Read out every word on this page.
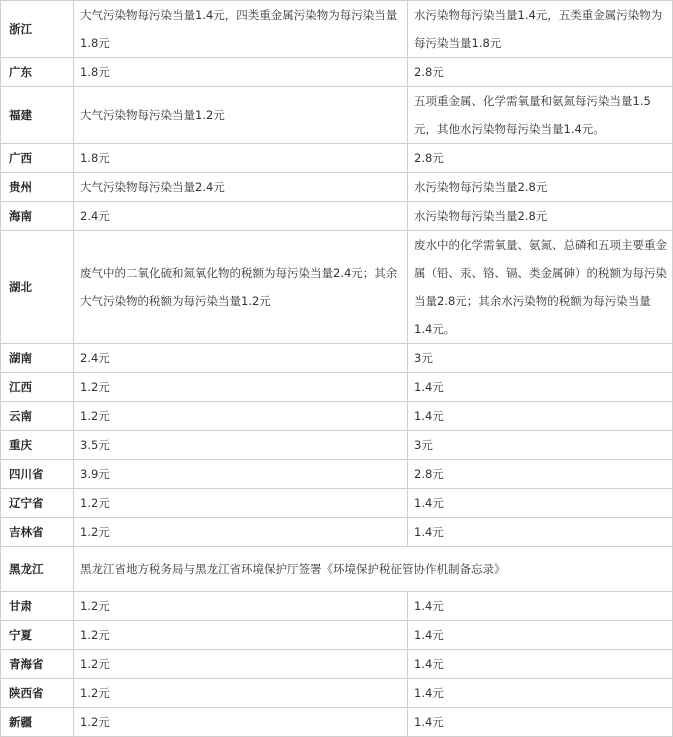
浙江	大气污染物每污染当量1.4元，四类重金属污染物为每污染当量1.8元	水污染物每污染当量1.4元，五类重金属污染物为每污染当量1.8元
广东	1.8元	2.8元
福建	大气污染物每污染当量1.2元	五项重金属、化学需氧量和氨氮每污染当量1.5元，其他水污染物每污染当量1.4元。
广西	1.8元	2.8元
贵州	大气污染物每污染当量2.4元	水污染物每污染当量2.8元
海南	2.4元	水污染物每污染当量2.8元
湖北	废气中的二氧化硫和氮氧化物的税额为每污染当量2.4元；其余大气污染物的税额为每污染当量1.2元	废水中的化学需氧量、氨氮、总磷和五项主要重金属（铅、汞、铬、镉、类金属砷）的税额为每污染当量2.8元；其余水污染物的税额为每污染当量1.4元。
湖南	2.4元	3元
江西	1.2元	1.4元
云南	1.2元	1.4元
重庆	3.5元	3元
四川省	3.9元	2.8元
辽宁省	1.2元	1.4元
吉林省	1.2元	1.4元
黑龙江	黑龙江省地方税务局与黑龙江省环境保护厅签署《环境保护税征管协作机制备忘录》	
甘肃	1.2元	1.4元
宁夏	1.2元	1.4元
青海省	1.2元	1.4元
陕西省	1.2元	1.4元
新疆	1.2元	1.4元
